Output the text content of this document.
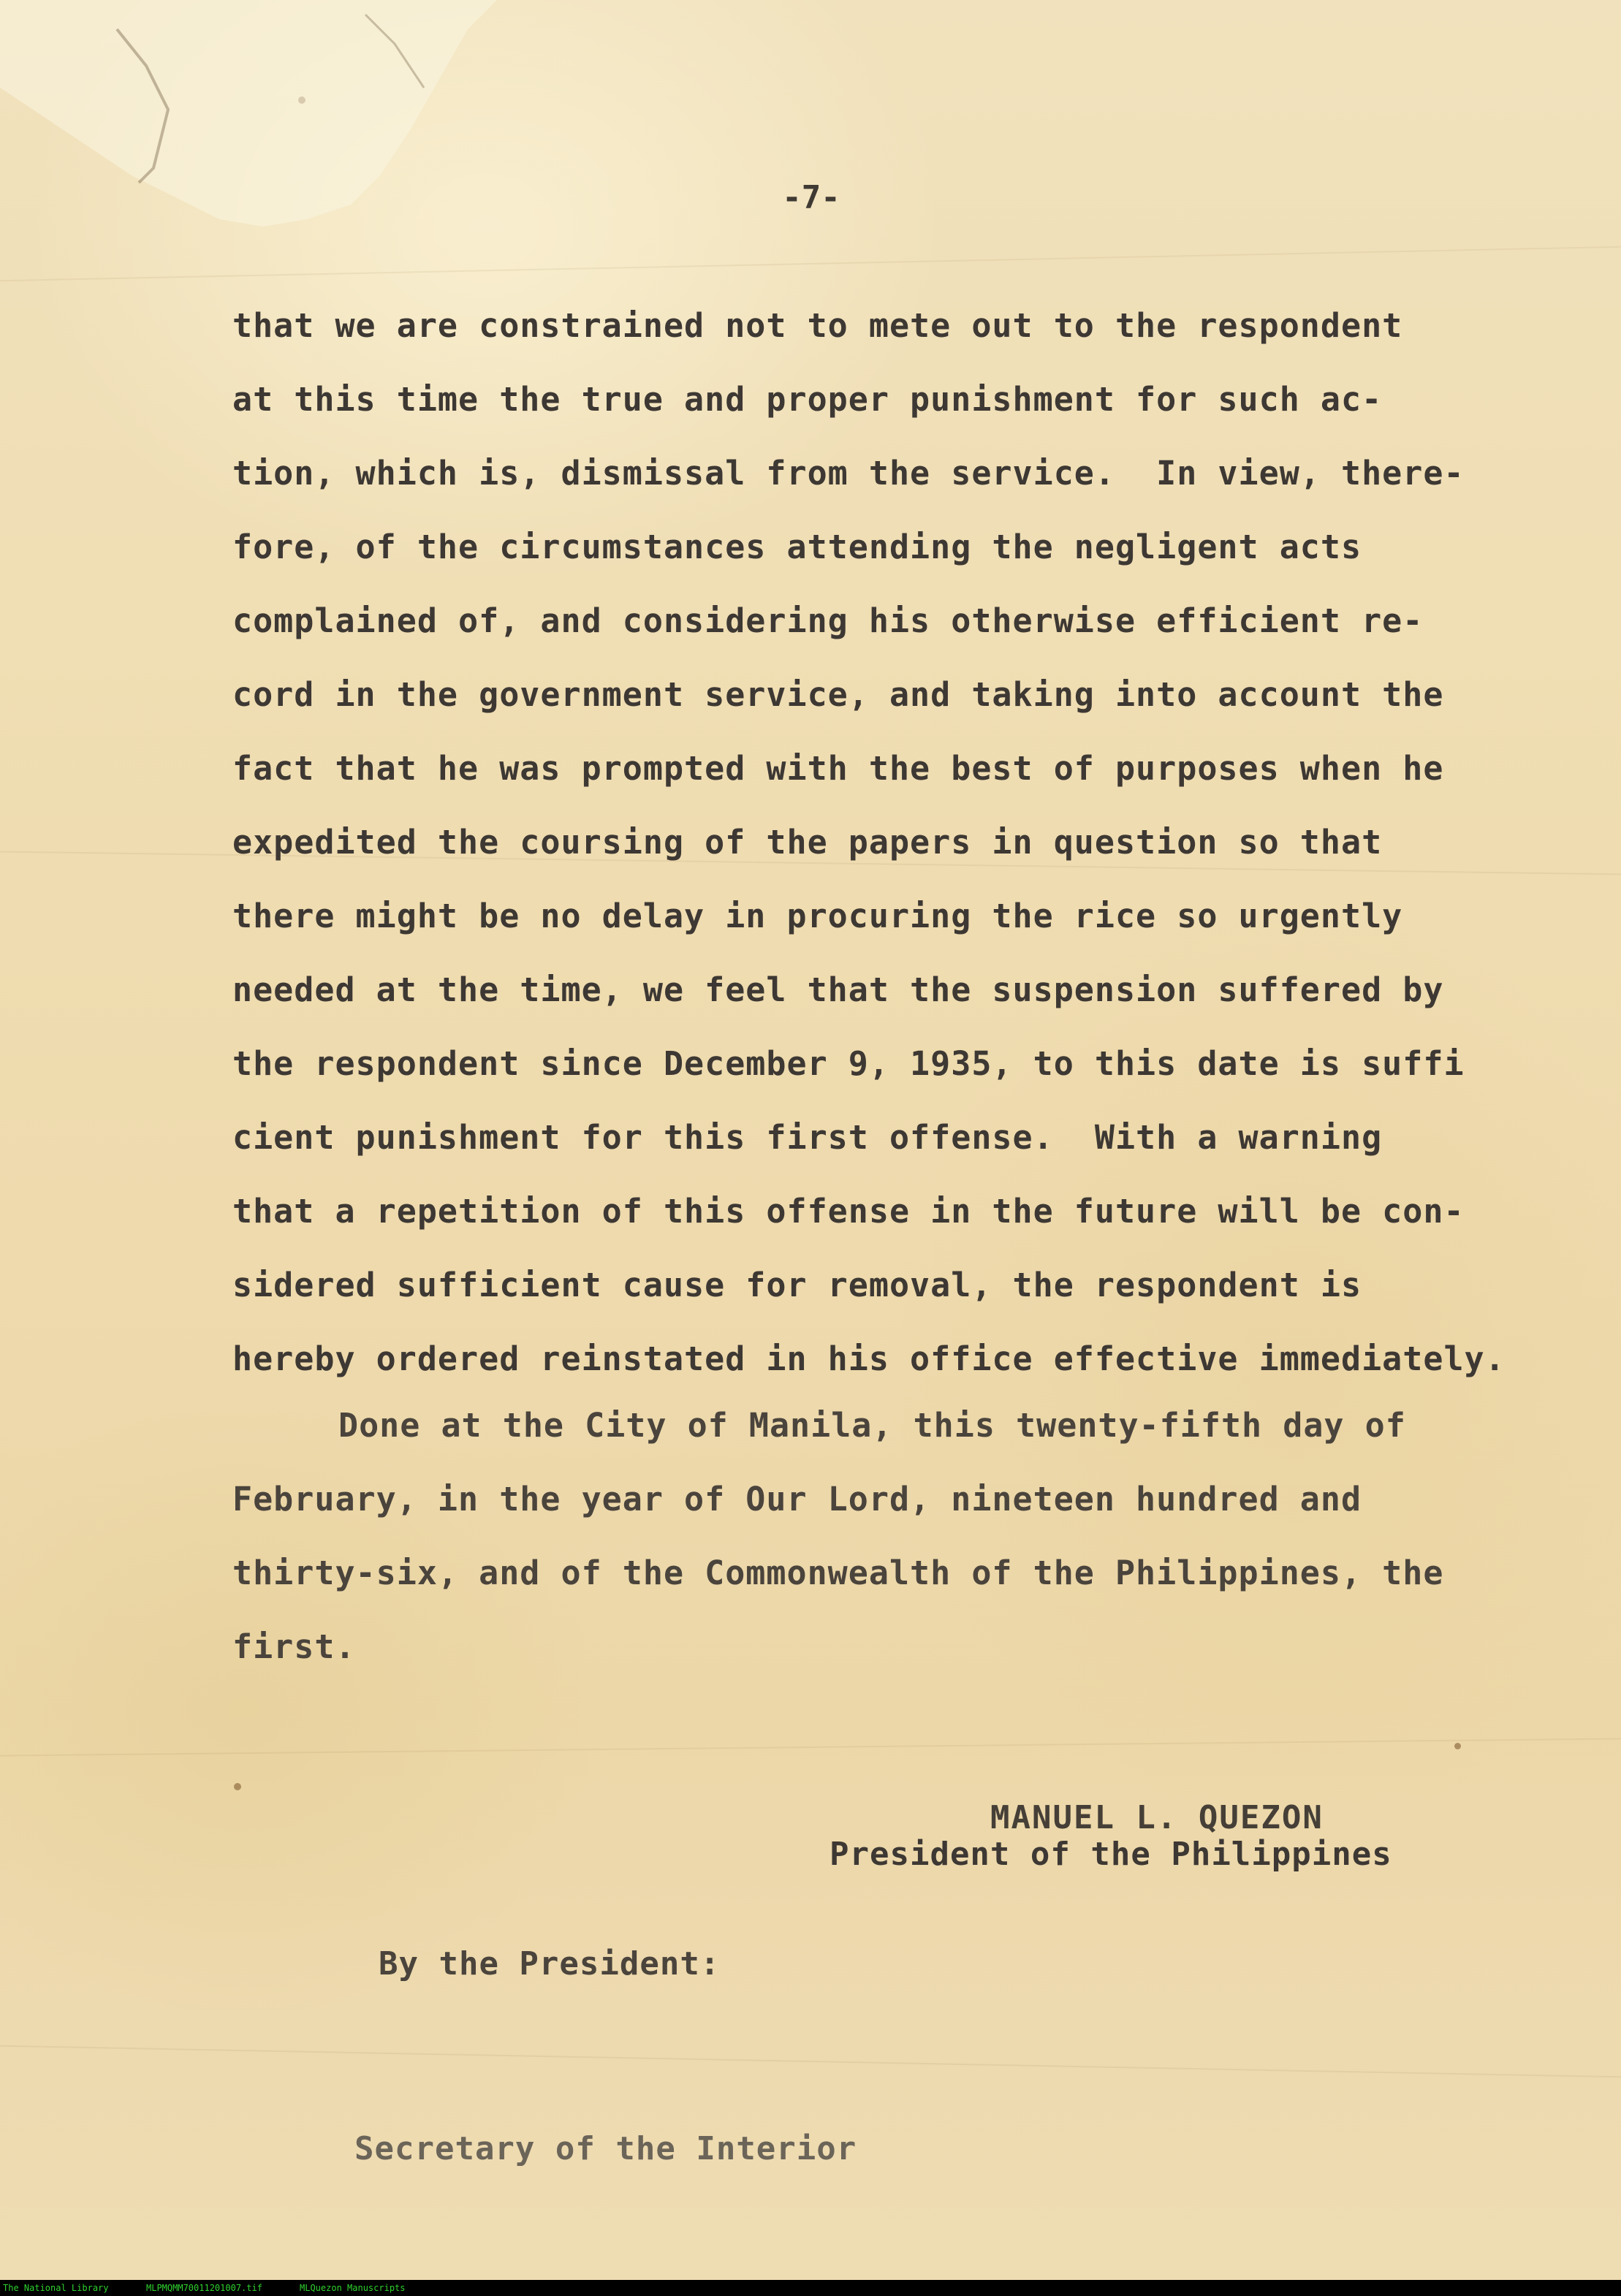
-7-
that we are constrained not to mete out to the respondent
at this time the true and proper punishment for such ac-
tion, which is, dismissal from the service.  In view, there-
fore, of the circumstances attending the negligent acts
complained of, and considering his otherwise efficient re-
cord in the government service, and taking into account the
fact that he was prompted with the best of purposes when he
expedited the coursing of the papers in question so that
there might be no delay in procuring the rice so urgently
needed at the time, we feel that the suspension suffered by
the respondent since December 9, 1935, to this date is suffi
cient punishment for this first offense.  With a warning
that a repetition of this offense in the future will be con-
sidered sufficient cause for removal, the respondent is
hereby ordered reinstated in his office effective immediately.
Done at the City of Manila, this twenty-fifth day of
February, in the year of Our Lord, nineteen hundred and
thirty-six, and of the Commonwealth of the Philippines, the
first.
MANUEL L. QUEZON
President of the Philippines
By the President:
Secretary of the Interior
The National Library	MLPMQMM70011201007.tif	MLQuezon Manuscripts
